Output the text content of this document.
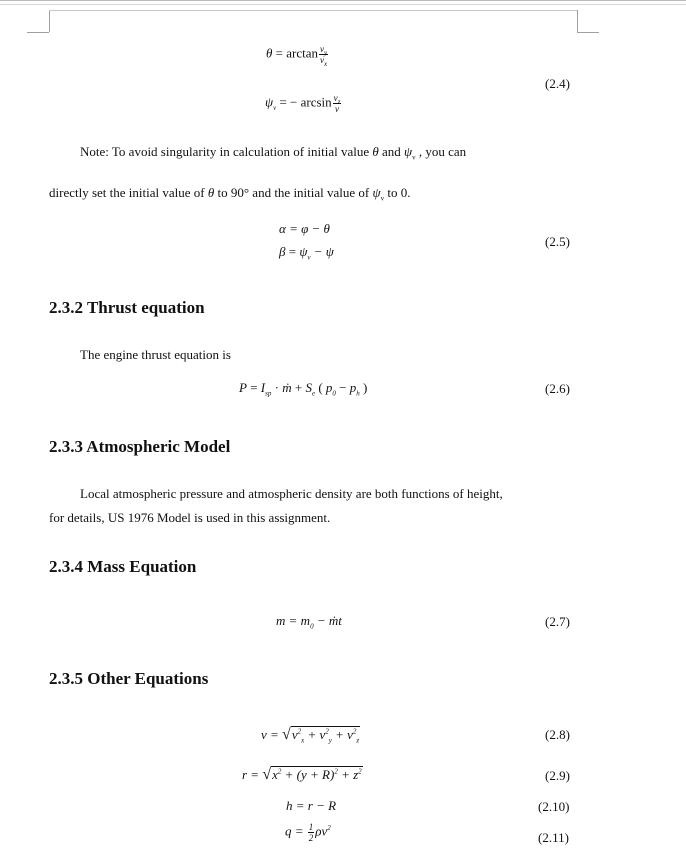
$\theta = \arctan \frac{v_y}{v_x}$
$\psi_v$ = − $\arcsin \frac{v_z}{v}$
(2.4)
Note: To avoid singularity in calculation of initial value θ and $\psi_v$ , you can
directly set the initial value of θ to 90° and the initial value of $\psi_v$ to 0.
α = φ − θ
$\beta = \psi_v - \psi$
(2.5)
2.3.2 Thrust equation
The engine thrust equation is
$P = I_{sp}$ · ṁ + $S_e$ ( $p_0 - p_h$ )	(2.6)
2.3.3 Atmospheric Model
Local atmospheric pressure and atmospheric density are both functions of height,
for details, US 1976 Model is used in this assignment.
2.3.4 Mass Equation
$m = m_0$ − ṁt	(2.7)
2.3.5 Other Equations
$v = √v^2_x + v^2_y + v^2_z$	(2.8)
$r = √x^2 + (y + R)^2 + z^2$	(2.9)
h = r − R	(2.10)
$q = \frac{1}{2} \rho v^2$
(2.11)
